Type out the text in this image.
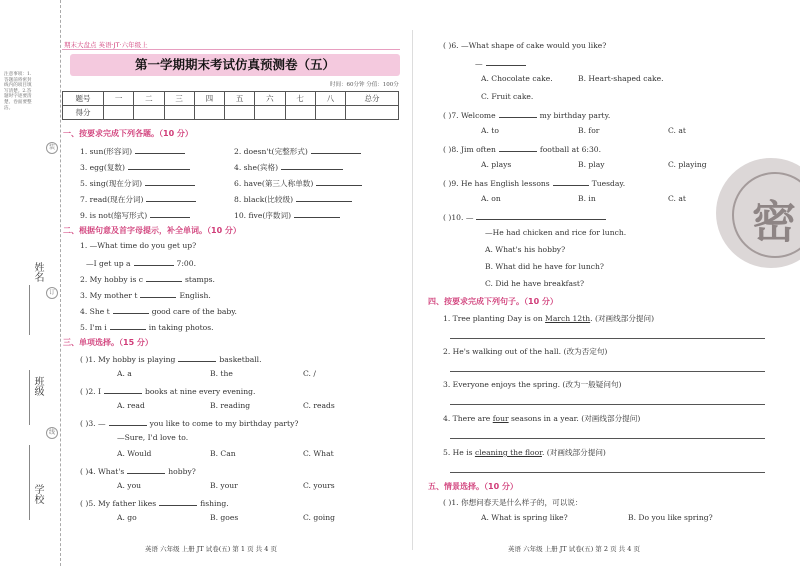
注意事项：1.答题前将密封线内的项目填写清楚。2.答题时字迹要清楚、卷面要整洁。
姓名
班级
学校
装
订
线
期末大盘点 英语·JT·六年级上
第一学期期末考试仿真预测卷（五）
时间：60分钟 分值：100分
题号	一	二	三	四	五	六	七	八	总分
得分									
一、按要求完成下列各题。（10 分）
1. sun(形容词)	2. doesn't(完整形式)
3. egg(复数)	4. she(宾格)
5. sing(现在分词)	6. have(第三人称单数)
7. read(现在分词)	8. black(比较级)
9. is not(缩写形式)	10. five(序数词)
二、根据句意及首字母提示，补全单词。（10 分）
1. —What time do you get up?
—I get up a	7:00.
2. My hobby is c	stamps.
3. My mother t	English.
4. She t	good care of the baby.
5. I'm i	in taking photos.
三、单项选择。（15 分）
( )1. My hobby is playing	basketball.
A. a	B. the	C. /
( )2. I	books at nine every evening.
A. read	B. reading	C. reads
( )3. —	you like to come to my birthday party?
—Sure, I'd love to.
A. Would	B. Can	C. What
( )4. What's	hobby?
A. you	B. your	C. yours
( )5. My father likes	fishing.
A. go	B. goes	C. going
英语 六年级 上册 JT 试卷(五) 第 1 页 共 4 页
密
( )6. —What shape of cake would you like?
—
A. Chocolate cake.	B. Heart-shaped cake.
C. Fruit cake.
( )7. Welcome	my birthday party.
A. to	B. for	C. at
( )8. Jim often	football at 6:30.
A. plays	B. play	C. playing
( )9. He has English lessons	Tuesday.
A. on	B. in	C. at
( )10. —
—He had chicken and rice for lunch.
A. What's his hobby?
B. What did he have for lunch?
C. Did he have breakfast?
四、按要求完成下列句子。（10 分）
1. Tree planting Day is on March 12th. (对画线部分提问)
2. He's walking out of the hall. (改为否定句)
3. Everyone enjoys the spring. (改为一般疑问句)
4. There are four seasons in a year. (对画线部分提问)
5. He is cleaning the floor. (对画线部分提问)
五、情景选择。（10 分）
( )1. 你想问春天是什么样子的，可以说：
A. What is spring like?	B. Do you like spring?
英语 六年级 上册 JT 试卷(五) 第 2 页 共 4 页
